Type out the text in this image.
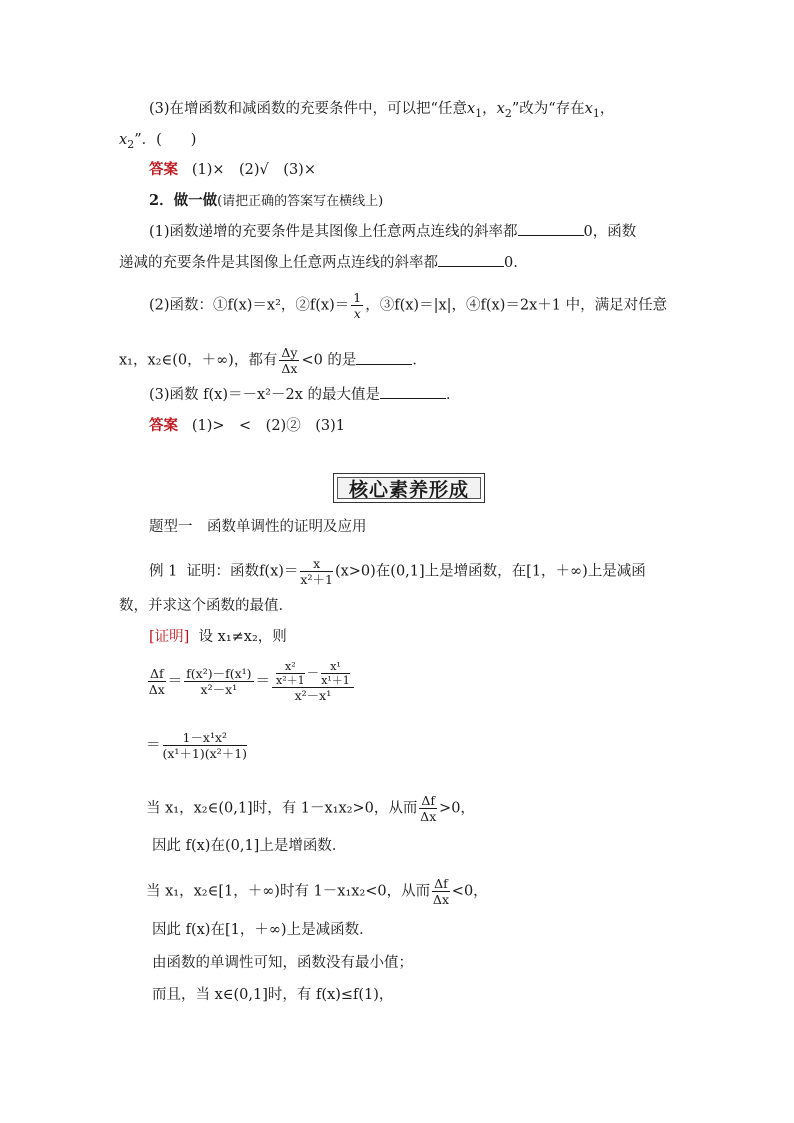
(3)在增函数和减函数的充要条件中，可以把“任意$x_1$，$x_2$”改为“存在$x_1$，
$x_2$”．(　　)
答案 (1)×　(2)√　(3)×
2．做一做(请把正确的答案写在横线上)
(1)函数递增的充要条件是其图像上任意两点连线的斜率都	0，函数
递减的充要条件是其图像上任意两点连线的斜率都	0.
(2)函数：①f(x)＝x²，②f(x)＝ $\frac{1}{x}$ ，③f(x)＝|x|，④f(x)＝2x＋1 中，满足对任意
x₁，x₂∈(0，＋∞)，都有 $\frac{\Delta y}{\Delta x} <0$ 的是	．
(3)函数 f(x)＝－x²－2x 的最大值是	．
答案 (1)>　<　(2)②　(3)1
核心素养形成
题型一　函数单调性的证明及应用
例 1 证明：函数$f(x)= \frac{x}{\text{x²＋1}} (x>0)$在(0,1]上是增函数，在[1，＋∞)上是减函
数，并求这个函数的最值．
[证明] 设 x₁≠x₂，则
$\frac{\Delta f}{\Delta x} = \frac{\text{f(x²)－f(x¹)}}{\text{x²－x¹}} = \frac{\frac{\text{x²}}{\text{x²＋1}} - \frac{\text{x¹}}{\text{x¹＋1}}}{\text{x²－x¹}}$
＝ $\frac{\text{1－x¹x²}}{\text{(x¹＋1)(x²＋1)}}$
当 x₁，x₂∈(0,1]时，有 1－x₁x₂>0，从而 $\frac{\Delta f}{\Delta x} >0$，
因此 f(x)在(0,1]上是增函数．
当 x₁，x₂∈[1，＋∞)时有 1－x₁x₂<0，从而 $\frac{\Delta f}{\Delta x} <0$，
因此 f(x)在[1，＋∞)上是减函数．
由函数的单调性可知，函数没有最小值；
而且，当 x∈(0,1]时，有 f(x)≤f(1)，
